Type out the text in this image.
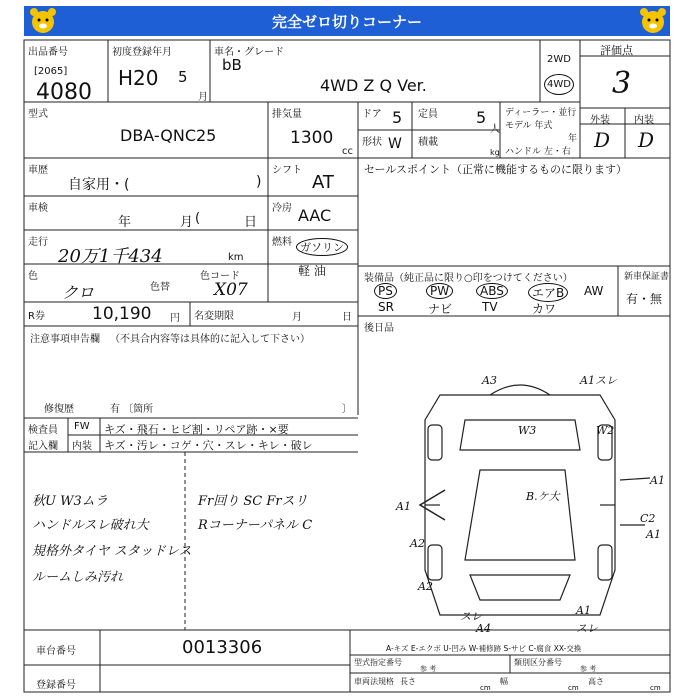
完全ゼロ切りコーナー
出品番号
[2065]
4080
初度登録年月
H20 5
月
車名・グレード
bB
4WD Z Q Ver.
2WD
4WD
評価点
3
外装 内装
D D
型式
DBA-QNC25
排気量
1300
cc
ドア 5 定員 5
人
形状 W 積載
kg
ディーラー・並行
モデル 年式
年
ハンドル 左・右
車歴
自家用・(	)
シフト
AT
車検
年	月 (	日
冷房 AAC
走行
20万1千434	km
燃料 ガソリン
軽 油
色
クロ	色替
色コード
X07
R券	10,190 円 名変期限	月	日
セールスポイント（正常に機能するものに限ります）
装備品（純正品に限り○印をつけてください）	新車保証書
有・無
PS	PW	ABS	エアB	AW
SR	ナビ TV	カワ
後日品
注意事項申告欄 （不具合内容等は具体的に記入して下さい）
修復歴	有 〔箇所	〕
検査員
記入欄
FW
内装
キズ・飛石・ヒビ割・リペア跡・×要
キズ・汚レ・コゲ・穴・スレ・キレ・破レ
秋U W3ムラ
ハンドルスレ破れ大
規格外タイヤ スタッドレス
ルームしみ汚れ
Fr回り SC Frスリ
Rコーナーパネル C
A3	A1スレ
W3	W2
A1
A1
B.ケ大
C2
A1
A2
A2
スレ
A4
A1
スレ
A-キズ E-エクボ U-凹み W-補修跡 S-サビ C-腐食 XX-交換
車台番号	0013306
登録番号
型式指定番号
参 考
類別区分番号
参 考
車両法規格 長さ
cm
幅
cm
高さ
cm
